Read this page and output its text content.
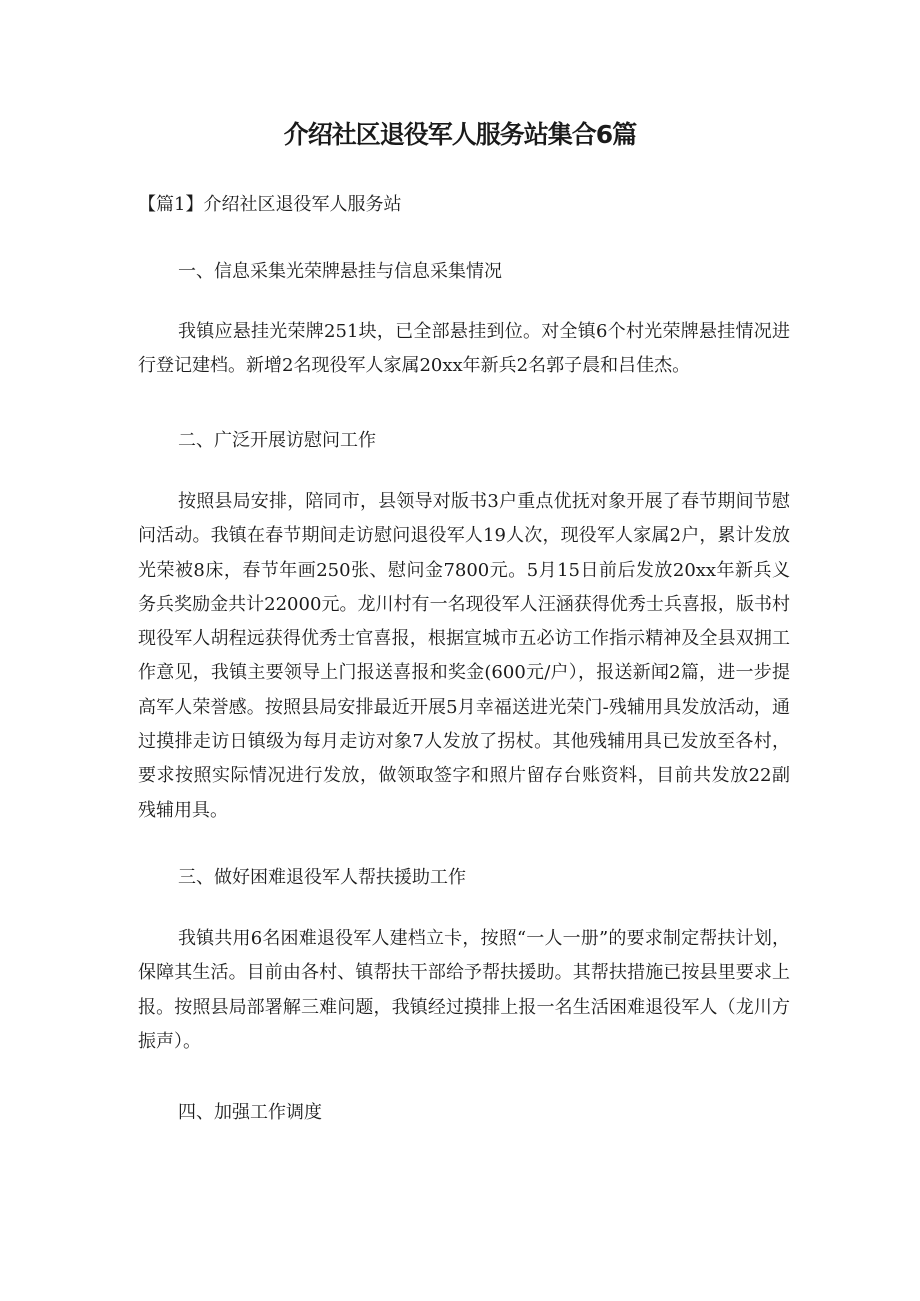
介绍社区退役军人服务站集合6篇
【篇1】介绍社区退役军人服务站
一、信息采集光荣牌悬挂与信息采集情况
我镇应悬挂光荣牌251块，已全部悬挂到位。对全镇6个村光荣牌悬挂情况进行登记建档。新增2名现役军人家属20xx年新兵2名郭子晨和吕佳杰。
二、广泛开展访慰问工作
按照县局安排，陪同市，县领导对版书3户重点优抚对象开展了春节期间节慰问活动。我镇在春节期间走访慰问退役军人19人次，现役军人家属2户，累计发放光荣被8床，春节年画250张、慰问金7800元。5月15日前后发放20xx年新兵义务兵奖励金共计22000元。龙川村有一名现役军人汪涵获得优秀士兵喜报，版书村现役军人胡程远获得优秀士官喜报，根据宣城市五必访工作指示精神及全县双拥工作意见，我镇主要领导上门报送喜报和奖金(600元/户），报送新闻2篇，进一步提高军人荣誉感。按照县局安排最近开展5月幸福送进光荣门-残辅用具发放活动，通过摸排走访日镇级为每月走访对象7人发放了拐杖。其他残辅用具已发放至各村，要求按照实际情况进行发放，做领取签字和照片留存台账资料，目前共发放22副残辅用具。
三、做好困难退役军人帮扶援助工作
我镇共用6名困难退役军人建档立卡，按照“一人一册”的要求制定帮扶计划，保障其生活。目前由各村、镇帮扶干部给予帮扶援助。其帮扶措施已按县里要求上报。按照县局部署解三难问题，我镇经过摸排上报一名生活困难退役军人（龙川方振声）。
四、加强工作调度
